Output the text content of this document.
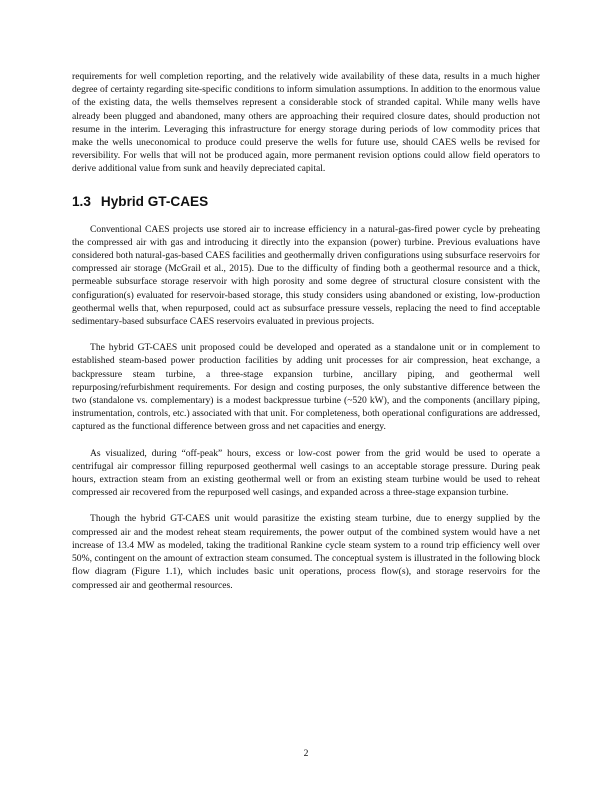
requirements for well completion reporting, and the relatively wide availability of these data, results in a much higher degree of certainty regarding site-specific conditions to inform simulation assumptions. In addition to the enormous value of the existing data, the wells themselves represent a considerable stock of stranded capital. While many wells have already been plugged and abandoned, many others are approaching their required closure dates, should production not resume in the interim. Leveraging this infrastructure for energy storage during periods of low commodity prices that make the wells uneconomical to produce could preserve the wells for future use, should CAES wells be revised for reversibility. For wells that will not be produced again, more permanent revision options could allow field operators to derive additional value from sunk and heavily depreciated capital.

1.3 Hybrid GT-CAES

Conventional CAES projects use stored air to increase efficiency in a natural-gas-fired power cycle by preheating the compressed air with gas and introducing it directly into the expansion (power) turbine. Previous evaluations have considered both natural-gas-based CAES facilities and geothermally driven configurations using subsurface reservoirs for compressed air storage (McGrail et al., 2015). Due to the difficulty of finding both a geothermal resource and a thick, permeable subsurface storage reservoir with high porosity and some degree of structural closure consistent with the configuration(s) evaluated for reservoir-based storage, this study considers using abandoned or existing, low-production geothermal wells that, when repurposed, could act as subsurface pressure vessels, replacing the need to find acceptable sedimentary-based subsurface CAES reservoirs evaluated in previous projects.

The hybrid GT-CAES unit proposed could be developed and operated as a standalone unit or in complement to established steam-based power production facilities by adding unit processes for air compression, heat exchange, a backpressure steam turbine, a three-stage expansion turbine, ancillary piping, and geothermal well repurposing/refurbishment requirements. For design and costing purposes, the only substantive difference between the two (standalone vs. complementary) is a modest backpressue turbine (~520 kW), and the components (ancillary piping, instrumentation, controls, etc.) associated with that unit. For completeness, both operational configurations are addressed, captured as the functional difference between gross and net capacities and energy.

As visualized, during “off-peak” hours, excess or low-cost power from the grid would be used to operate a centrifugal air compressor filling repurposed geothermal well casings to an acceptable storage pressure. During peak hours, extraction steam from an existing geothermal well or from an existing steam turbine would be used to reheat compressed air recovered from the repurposed well casings, and expanded across a three-stage expansion turbine.

Though the hybrid GT-CAES unit would parasitize the existing steam turbine, due to energy supplied by the compressed air and the modest reheat steam requirements, the power output of the combined system would have a net increase of 13.4 MW as modeled, taking the traditional Rankine cycle steam system to a round trip efficiency well over 50%, contingent on the amount of extraction steam consumed. The conceptual system is illustrated in the following block flow diagram (Figure 1.1), which includes basic unit operations, process flow(s), and storage reservoirs for the compressed air and geothermal resources.

2
